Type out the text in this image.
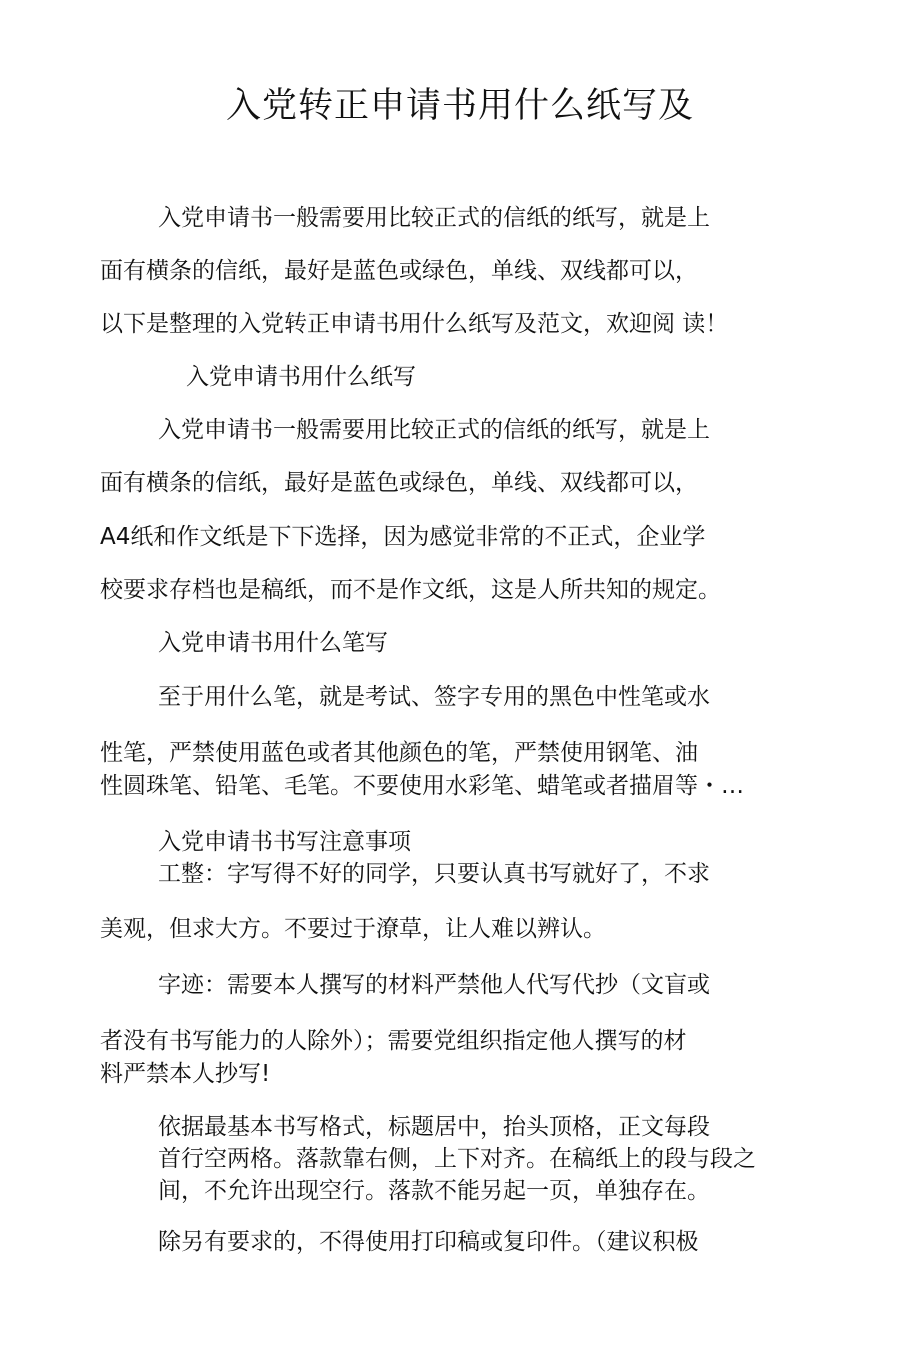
入党转正申请书用什么纸写及
入党申请书一般需要用比较正式的信纸的纸写，就是上
面有横条的信纸，最好是蓝色或绿色，单线、双线都可以，
以下是整理的入党转正申请书用什么纸写及范文，欢迎阅 读！
入党申请书用什么纸写
入党申请书一般需要用比较正式的信纸的纸写，就是上
面有横条的信纸，最好是蓝色或绿色，单线、双线都可以，
A4纸和作文纸是下下选择，因为感觉非常的不正式，企业学
校要求存档也是稿纸，而不是作文纸，这是人所共知的规定。
入党申请书用什么笔写
至于用什么笔，就是考试、签字专用的黑色中性笔或水
性笔，严禁使用蓝色或者其他颜色的笔，严禁使用钢笔、油
性圆珠笔、铅笔、毛笔。不要使用水彩笔、蜡笔或者描眉等・…
入党申请书书写注意事项
工整：字写得不好的同学，只要认真书写就好了，不求
美观，但求大方。不要过于潦草，让人难以辨认。
字迹：需要本人撰写的材料严禁他人代写代抄（文盲或
者没有书写能力的人除外）；需要党组织指定他人撰写的材
料严禁本人抄写!
依据最基本书写格式，标题居中，抬头顶格，正文每段
首行空两格。落款靠右侧，上下对齐。在稿纸上的段与段之
间，不允许出现空行。落款不能另起一页，单独存在。
除另有要求的，不得使用打印稿或复印件。（建议积极
